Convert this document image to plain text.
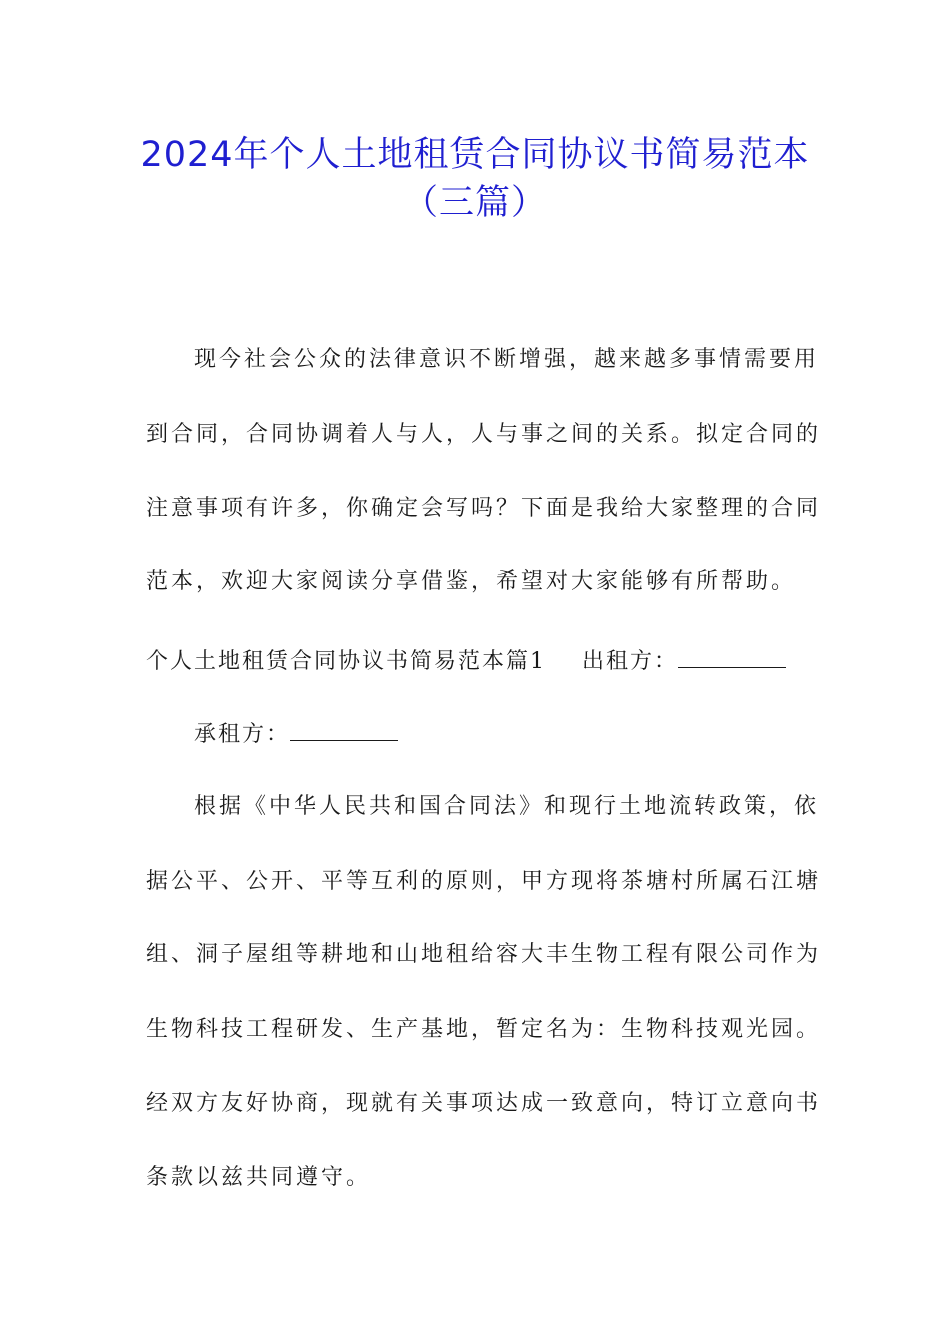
2024年个人土地租赁合同协议书简易范本
（三篇）
现今社会公众的法律意识不断增强，越来越多事情需要用
到合同，合同协调着人与人，人与事之间的关系。拟定合同的
注意事项有许多，你确定会写吗？下面是我给大家整理的合同
范本，欢迎大家阅读分享借鉴，希望对大家能够有所帮助。
个人土地租赁合同协议书简易范本篇1 出租方：
承租方：
根据《中华人民共和国合同法》和现行土地流转政策，依
据公平、公开、平等互利的原则，甲方现将茶塘村所属石江塘
组、洞子屋组等耕地和山地租给容大丰生物工程有限公司作为
生物科技工程研发、生产基地，暂定名为：生物科技观光园。
经双方友好协商，现就有关事项达成一致意向，特订立意向书
条款以兹共同遵守。
